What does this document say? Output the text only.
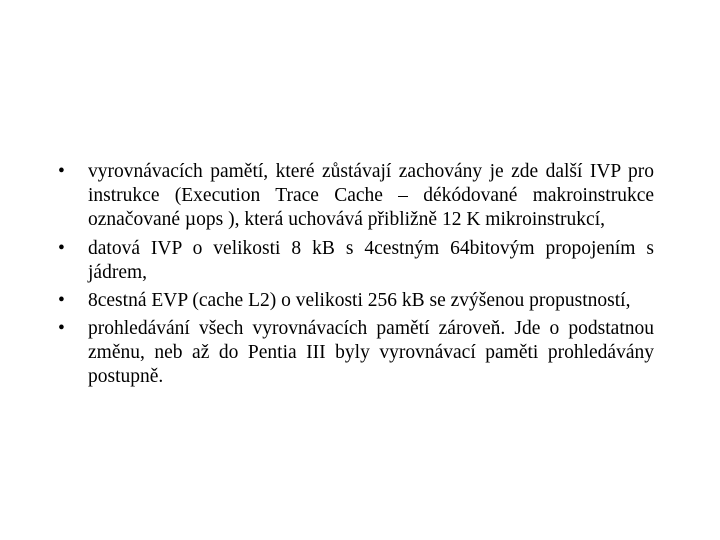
•	vyrovnávacích pamětí, které zůstávají zachovány je zde další IVP pro instrukce (Execution Trace Cache – dékódované makroinstrukce označované µops ), která uchovává přibližně 12 K mikroinstrukcí,
•	datová IVP o velikosti 8 kB s 4cestným 64bitovým propojením s jádrem,
•	8cestná EVP (cache L2) o velikosti 256 kB se zvýšenou propustností,
•	prohledávání všech vyrovnávacích pamětí zároveň. Jde o podstatnou změnu, neb až do Pentia III byly vyrovnávací paměti prohledávány postupně.
